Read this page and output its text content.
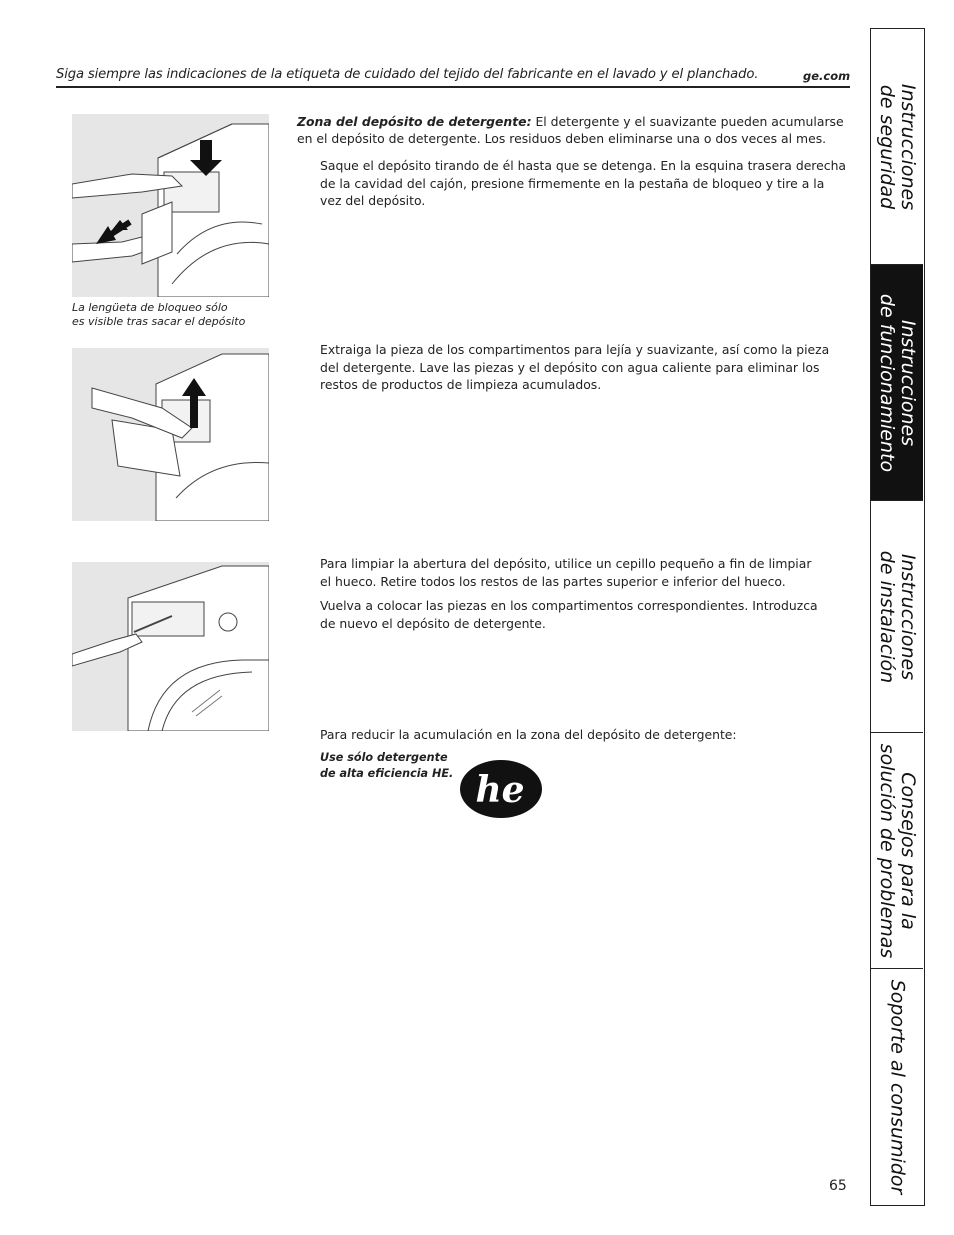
Siga siempre las indicaciones de la etiqueta de cuidado del tejido del fabricante en el lavado y el planchado.	ge.com
La lengüeta de bloqueo sólo
es visible tras sacar el depósito
Zona del depósito de detergente: El detergente y el suavizante pueden acumularse en el depósito de detergente. Los residuos deben eliminarse una o dos veces al mes.
Saque el depósito tirando de él hasta que se detenga. En la esquina trasera derecha de la cavidad del cajón, presione firmemente en la pestaña de bloqueo y tire a la vez del depósito.
Extraiga la pieza de los compartimentos para lejía y suavizante, así como la pieza del detergente. Lave las piezas y el depósito con agua caliente para eliminar los restos de productos de limpieza acumulados.
Para limpiar la abertura del depósito, utilice un cepillo pequeño a fin de limpiar el hueco. Retire todos los restos de las partes superior e inferior del hueco.
Vuelva a colocar las piezas en los compartimentos correspondientes. Introduzca de nuevo el depósito de detergente.
Para reducir la acumulación en la zona del depósito de detergente:
Use sólo detergente
de alta eficiencia HE. he
65
Instrucciones
de seguridad
Instrucciones
de funcionamiento
Instrucciones
de instalación
Consejos para la
solución de problemas
Soporte al consumidor
